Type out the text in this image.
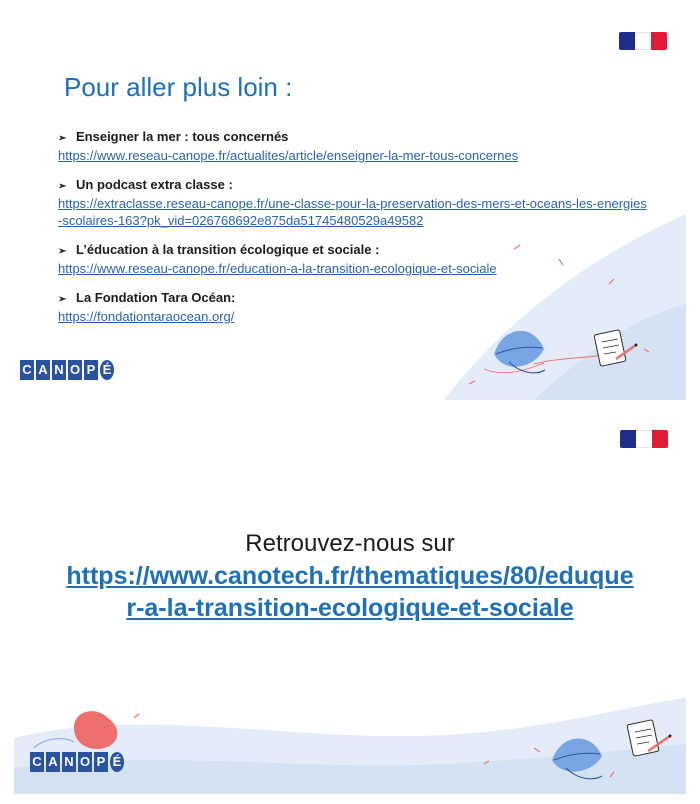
Pour aller plus loin :
➢ Enseigner la mer : tous concernés
https://www.reseau-canope.fr/actualites/article/enseigner-la-mer-tous-concernes
➢ Un podcast extra classe :
https://extraclasse.reseau-canope.fr/une-classe-pour-la-preservation-des-mers-et-oceans-les-energies-scolaires-163?pk_vid=026768692e875da51745480529a49582
➢ L’éducation à la transition écologique et sociale :
https://www.reseau-canope.fr/education-a-la-transition-ecologique-et-sociale
➢ La Fondation Tara Océan:
https://fondationtaraocean.org/
C A N O P É
Retrouvez-nous sur
https://www.canotech.fr/thematiques/80/eduquer-a-la-transition-ecologique-et-sociale
C A N O P É
